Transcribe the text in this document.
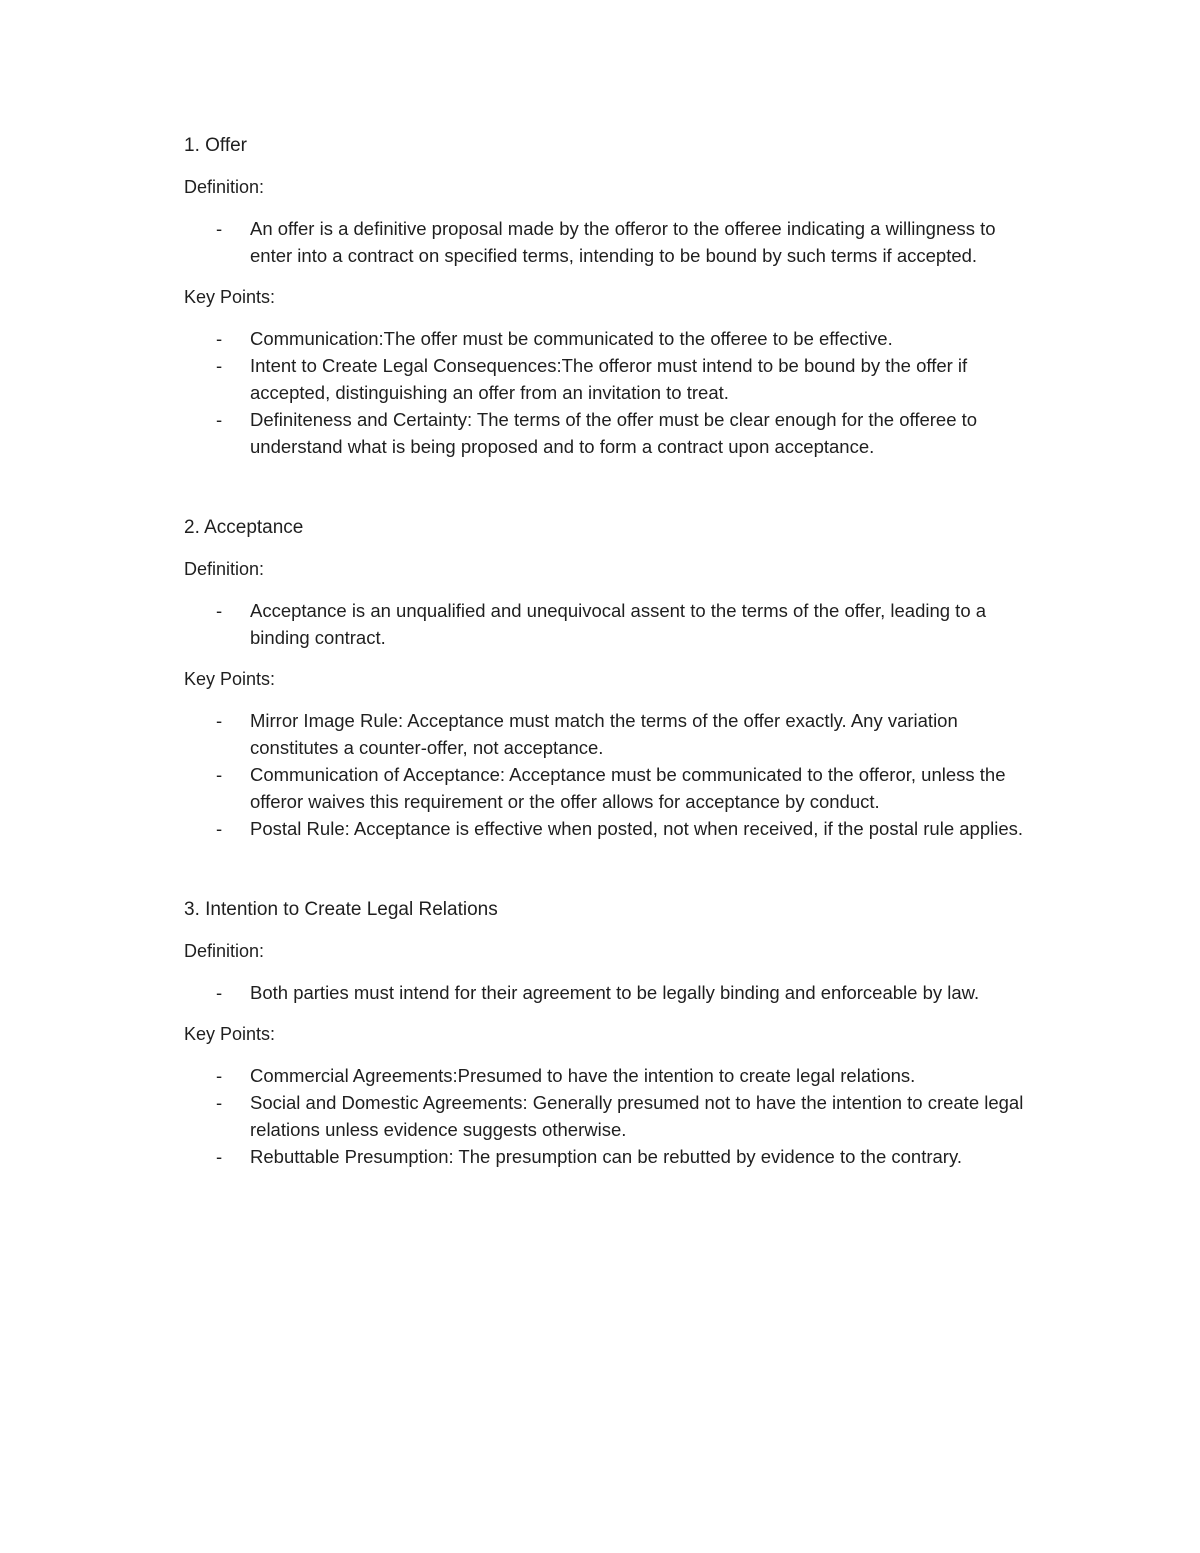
1. Offer
Definition:
- An offer is a definitive proposal made by the offeror to the offeree indicating a willingness to enter into a contract on specified terms, intending to be bound by such terms if accepted.
Key Points:
- Communication:The offer must be communicated to the offeree to be effective.
- Intent to Create Legal Consequences:The offeror must intend to be bound by the offer if accepted, distinguishing an offer from an invitation to treat.
- Definiteness and Certainty: The terms of the offer must be clear enough for the offeree to understand what is being proposed and to form a contract upon acceptance.
2. Acceptance
Definition:
- Acceptance is an unqualified and unequivocal assent to the terms of the offer, leading to a binding contract.
Key Points:
- Mirror Image Rule: Acceptance must match the terms of the offer exactly. Any variation constitutes a counter-offer, not acceptance.
- Communication of Acceptance: Acceptance must be communicated to the offeror, unless the offeror waives this requirement or the offer allows for acceptance by conduct.
- Postal Rule: Acceptance is effective when posted, not when received, if the postal rule applies.
3. Intention to Create Legal Relations
Definition:
- Both parties must intend for their agreement to be legally binding and enforceable by law.
Key Points:
- Commercial Agreements:Presumed to have the intention to create legal relations.
- Social and Domestic Agreements: Generally presumed not to have the intention to create legal relations unless evidence suggests otherwise.
- Rebuttable Presumption: The presumption can be rebutted by evidence to the contrary.
